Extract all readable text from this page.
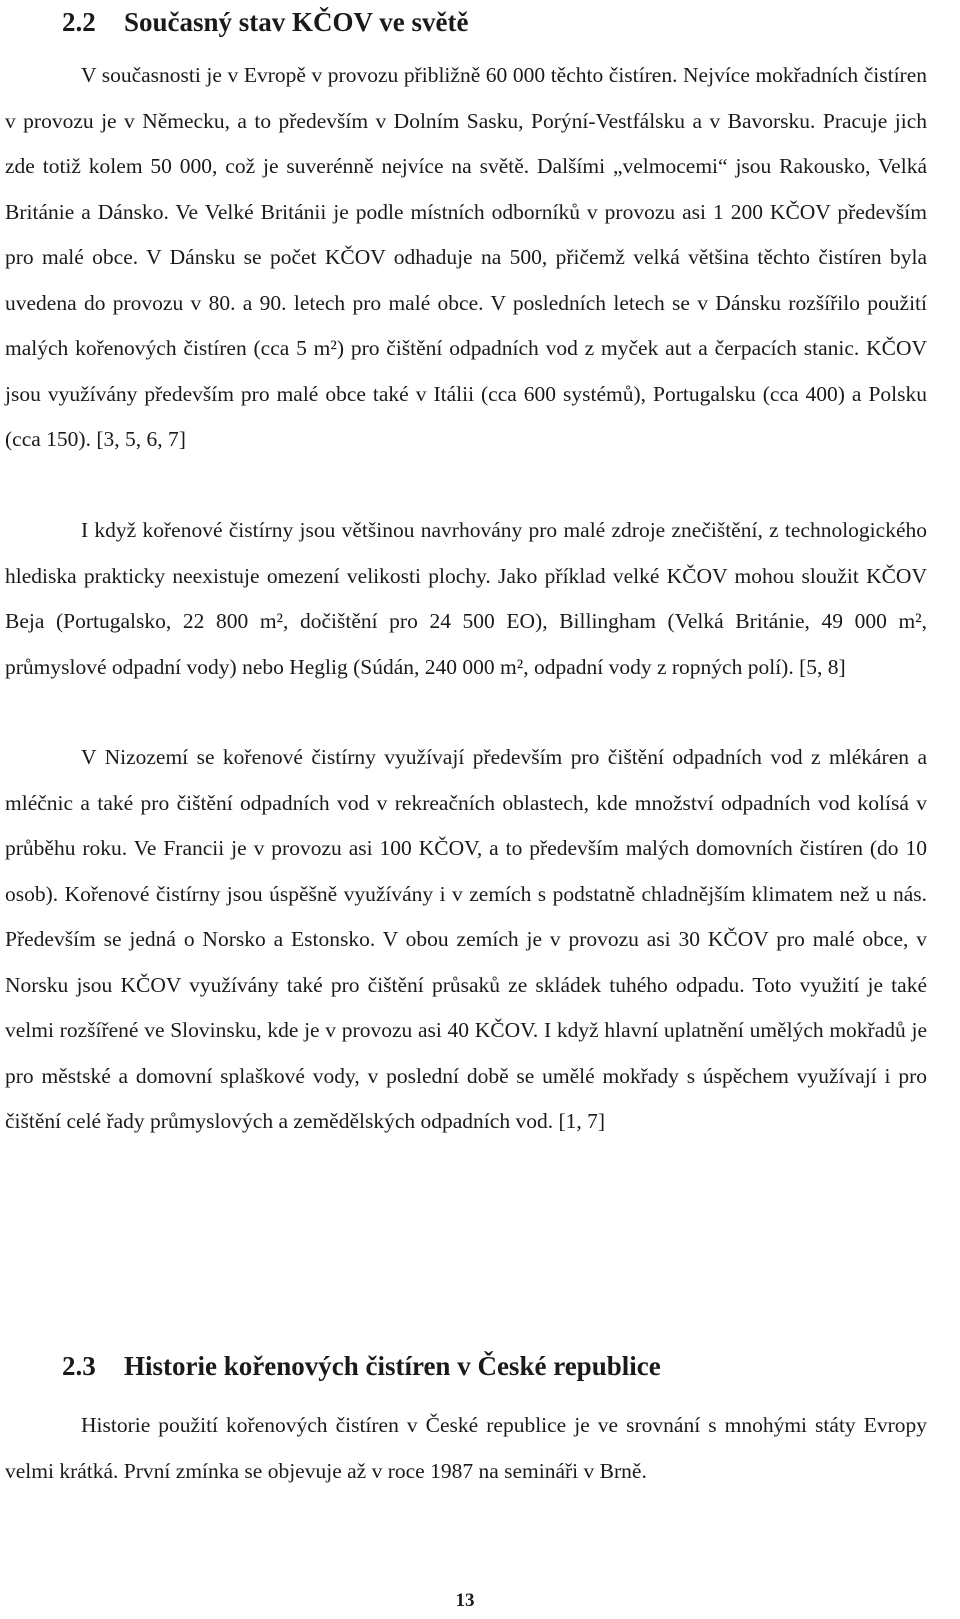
2.2 Současný stav KČOV ve světě

V současnosti je v Evropě v provozu přibližně 60 000 těchto čistíren. Nejvíce mokřadních čistíren v provozu je v Německu, a to především v Dolním Sasku, Porýní-Vestfálsku a v Bavorsku. Pracuje jich zde totiž kolem 50 000, což je suverénně nejvíce na světě. Dalšími „velmocemi“ jsou Rakousko, Velká Británie a Dánsko. Ve Velké Británii je podle místních odborníků v provozu asi 1 200 KČOV především pro malé obce. V Dánsku se počet KČOV odhaduje na 500, přičemž velká většina těchto čistíren byla uvedena do provozu v 80. a 90. letech pro malé obce. V posledních letech se v Dánsku rozšířilo použití malých kořenových čistíren (cca 5 m²) pro čištění odpadních vod z myček aut a čerpacích stanic. KČOV jsou využívány především pro malé obce také v Itálii (cca 600 systémů), Portugalsku (cca 400) a Polsku (cca 150). [3, 5, 6, 7]

I když kořenové čistírny jsou většinou navrhovány pro malé zdroje znečištění, z technologického hlediska prakticky neexistuje omezení velikosti plochy. Jako příklad velké KČOV mohou sloužit KČOV Beja (Portugalsko, 22 800 m², dočištění pro 24 500 EO), Billingham (Velká Británie, 49 000 m², průmyslové odpadní vody) nebo Heglig (Súdán, 240 000 m², odpadní vody z ropných polí). [5, 8]

V Nizozemí se kořenové čistírny využívají především pro čištění odpadních vod z mlékáren a mléčnic a také pro čištění odpadních vod v rekreačních oblastech, kde množství odpadních vod kolísá v průběhu roku. Ve Francii je v provozu asi 100 KČOV, a to především malých domovních čistíren (do 10 osob). Kořenové čistírny jsou úspěšně využívány i v zemích s podstatně chladnějším klimatem než u nás. Především se jedná o Norsko a Estonsko. V obou zemích je v provozu asi 30 KČOV pro malé obce, v Norsku jsou KČOV využívány také pro čištění průsaků ze skládek tuhého odpadu. Toto využití je také velmi rozšířené ve Slovinsku, kde je v provozu asi 40 KČOV. I když hlavní uplatnění umělých mokřadů je pro městské a domovní splaškové vody, v poslední době se umělé mokřady s úspěchem využívají i pro čištění celé řady průmyslových a zemědělských odpadních vod. [1, 7]

2.3 Historie kořenových čistíren v České republice

Historie použití kořenových čistíren v České republice je ve srovnání s mnohými státy Evropy velmi krátká. První zmínka se objevuje až v roce 1987 na semináři v Brně.

13
